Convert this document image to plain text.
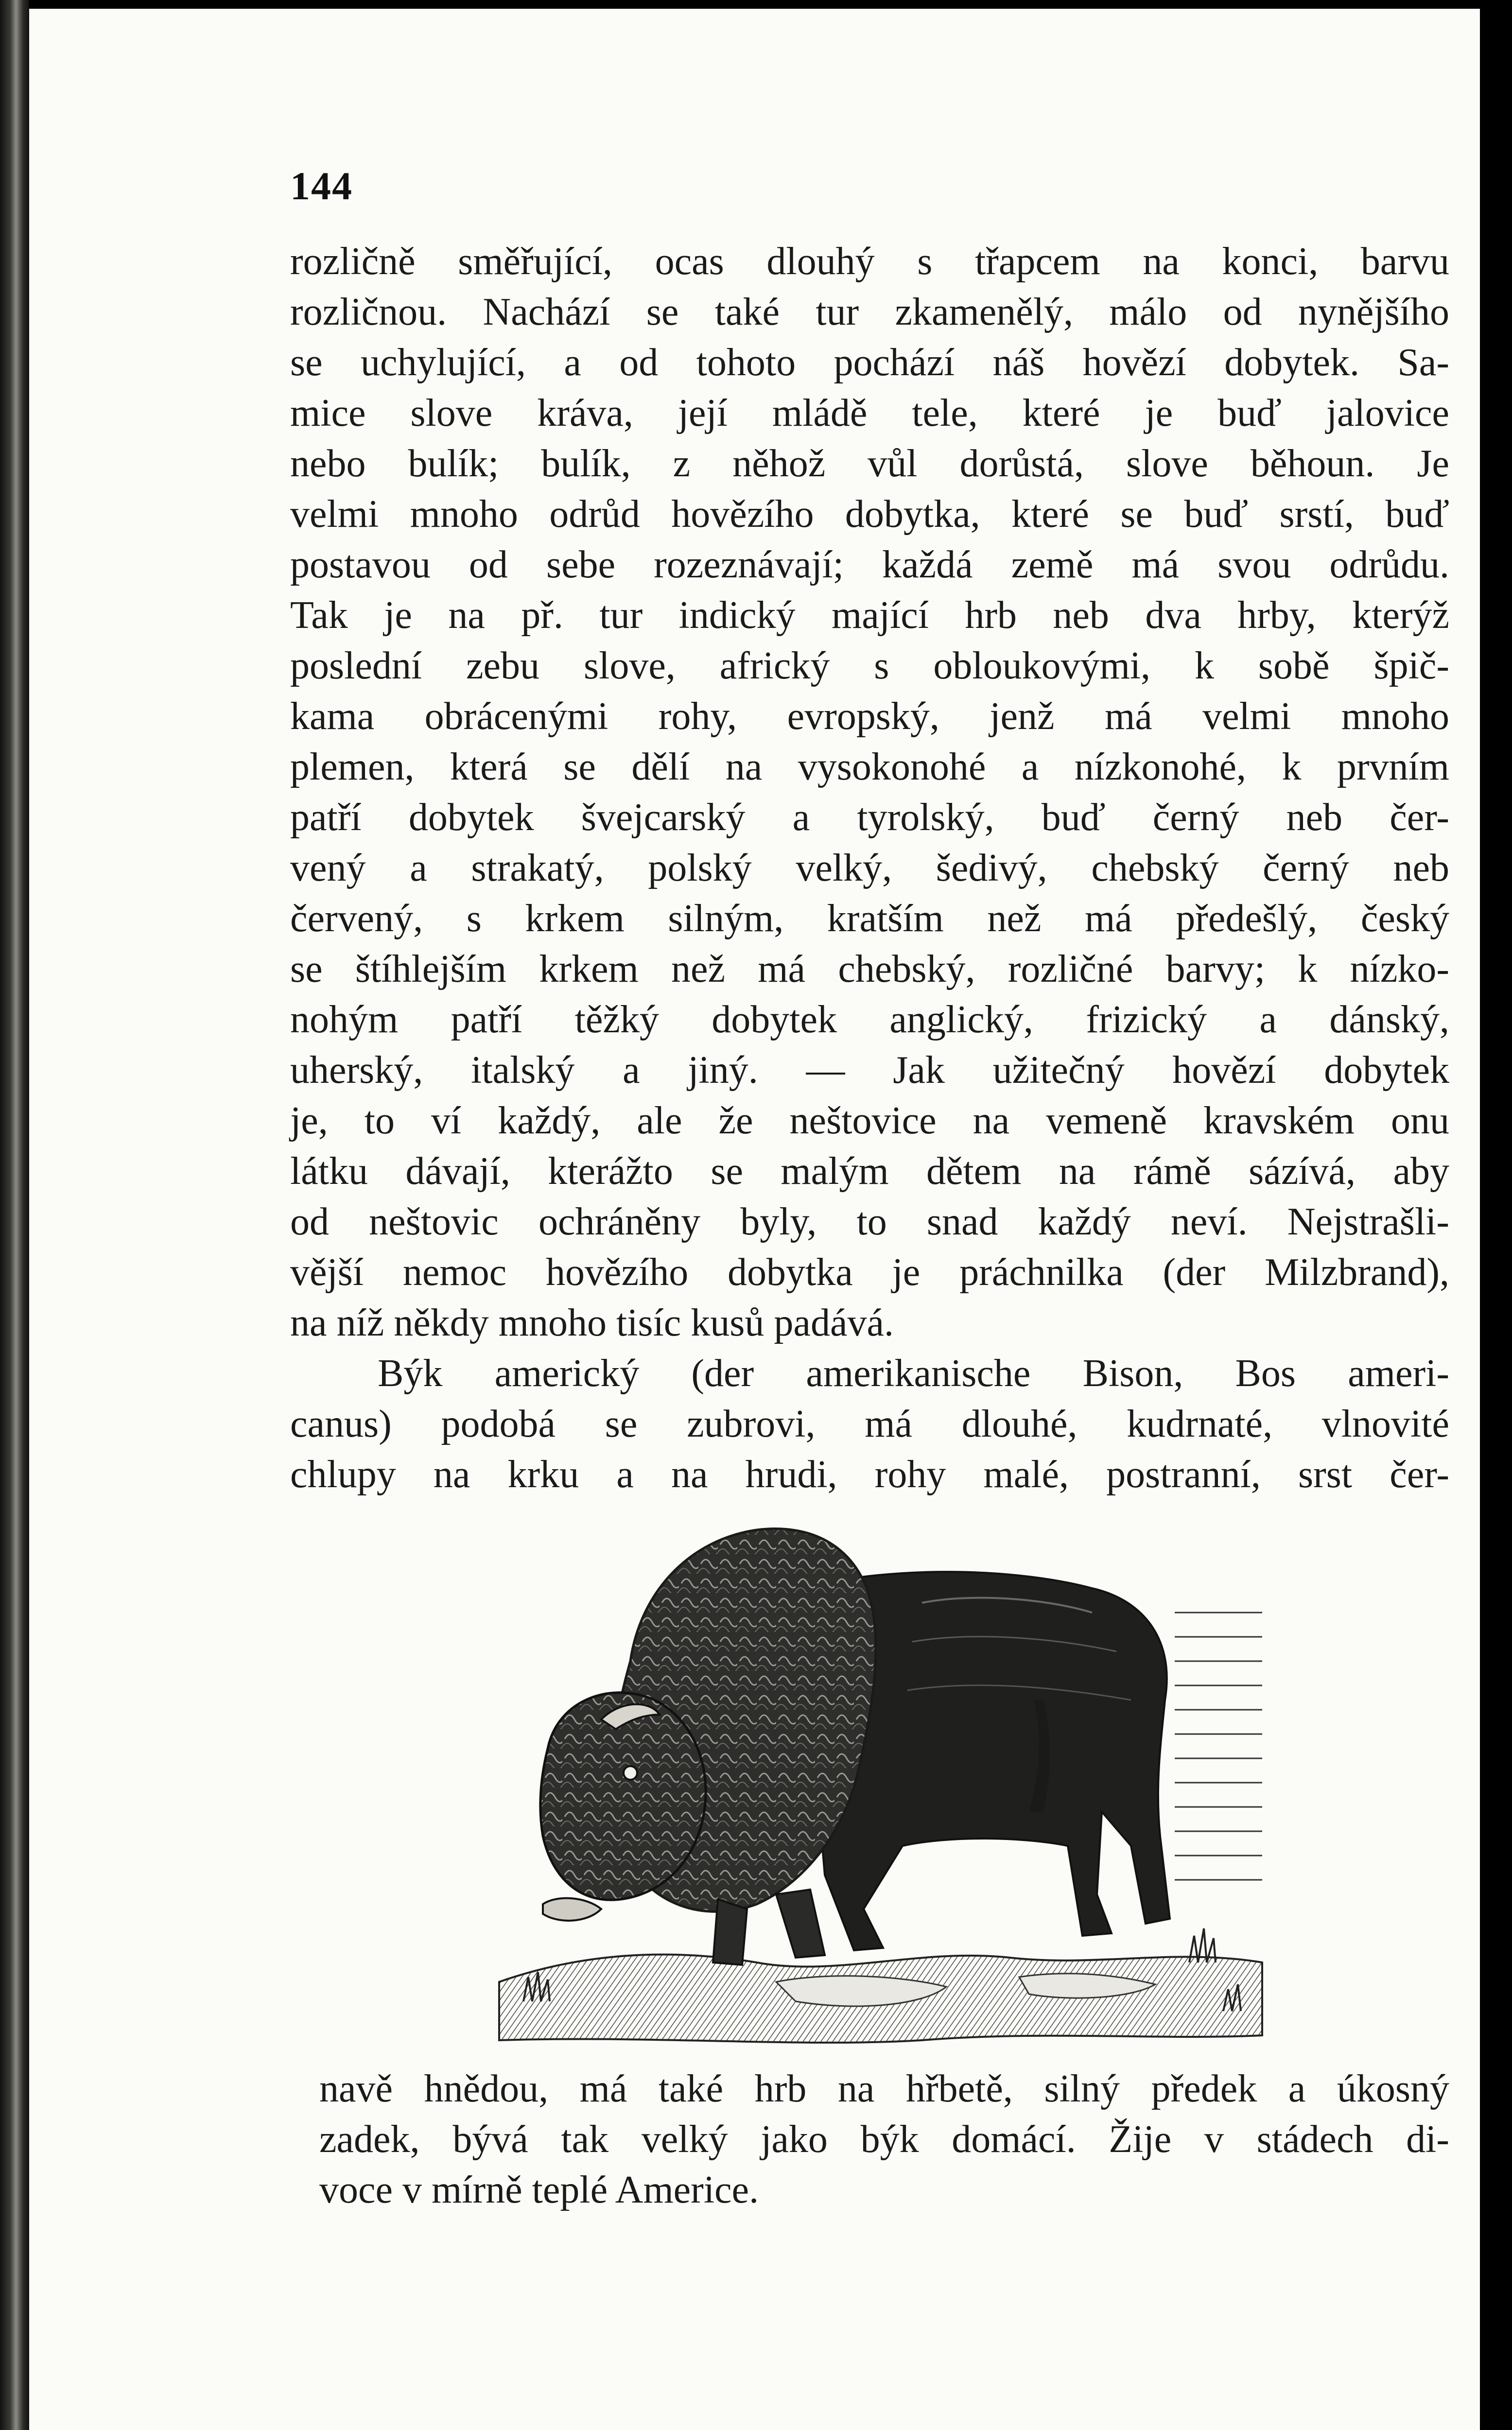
144
rozličně směřující, ocas dlouhý s třapcem na konci, barvu
rozličnou. Nachází se také tur zkamenělý, málo od nynějšího
se uchylující, a od tohoto pochází náš hovězí dobytek. Sa-
mice slove kráva, její mládě tele, které je buď jalovice
nebo bulík; bulík, z něhož vůl dorůstá, slove běhoun. Je
velmi mnoho odrůd hovězího dobytka, které se buď srstí, buď
postavou od sebe rozeznávají; každá země má svou odrůdu.
Tak je na př. tur indický mající hrb neb dva hrby, kterýž
poslední zebu slove, africký s obloukovými, k sobě špič-
kama obrácenými rohy, evropský, jenž má velmi mnoho
plemen, která se dělí na vysokonohé a nízkonohé, k prvním
patří dobytek švejcarský a tyrolský, buď černý neb čer-
vený a strakatý, polský velký, šedivý, chebský černý neb
červený, s krkem silným, kratším než má předešlý, český
se štíhlejším krkem než má chebský, rozličné barvy; k nízko-
nohým patří těžký dobytek anglický, frizický a dánský,
uherský, italský a jiný. — Jak užitečný hovězí dobytek
je, to ví každý, ale že neštovice na vemeně kravském onu
látku dávají, kterážto se malým dětem na rámě sázívá, aby
od neštovic ochráněny byly, to snad každý neví. Nejstrašli-
vější nemoc hovězího dobytka je práchnilka (der Milzbrand),
na níž někdy mnoho tisíc kusů padává.
Býk americký (der amerikanische Bison, Bos ameri-
canus) podobá se zubrovi, má dlouhé, kudrnaté, vlnovité
chlupy na krku a na hrudi, rohy malé, postranní, srst čer-
navě hnědou, má také hrb na hřbetě, silný předek a úkosný
zadek, bývá tak velký jako býk domácí. Žije v stádech di-
voce v mírně teplé Americe.
